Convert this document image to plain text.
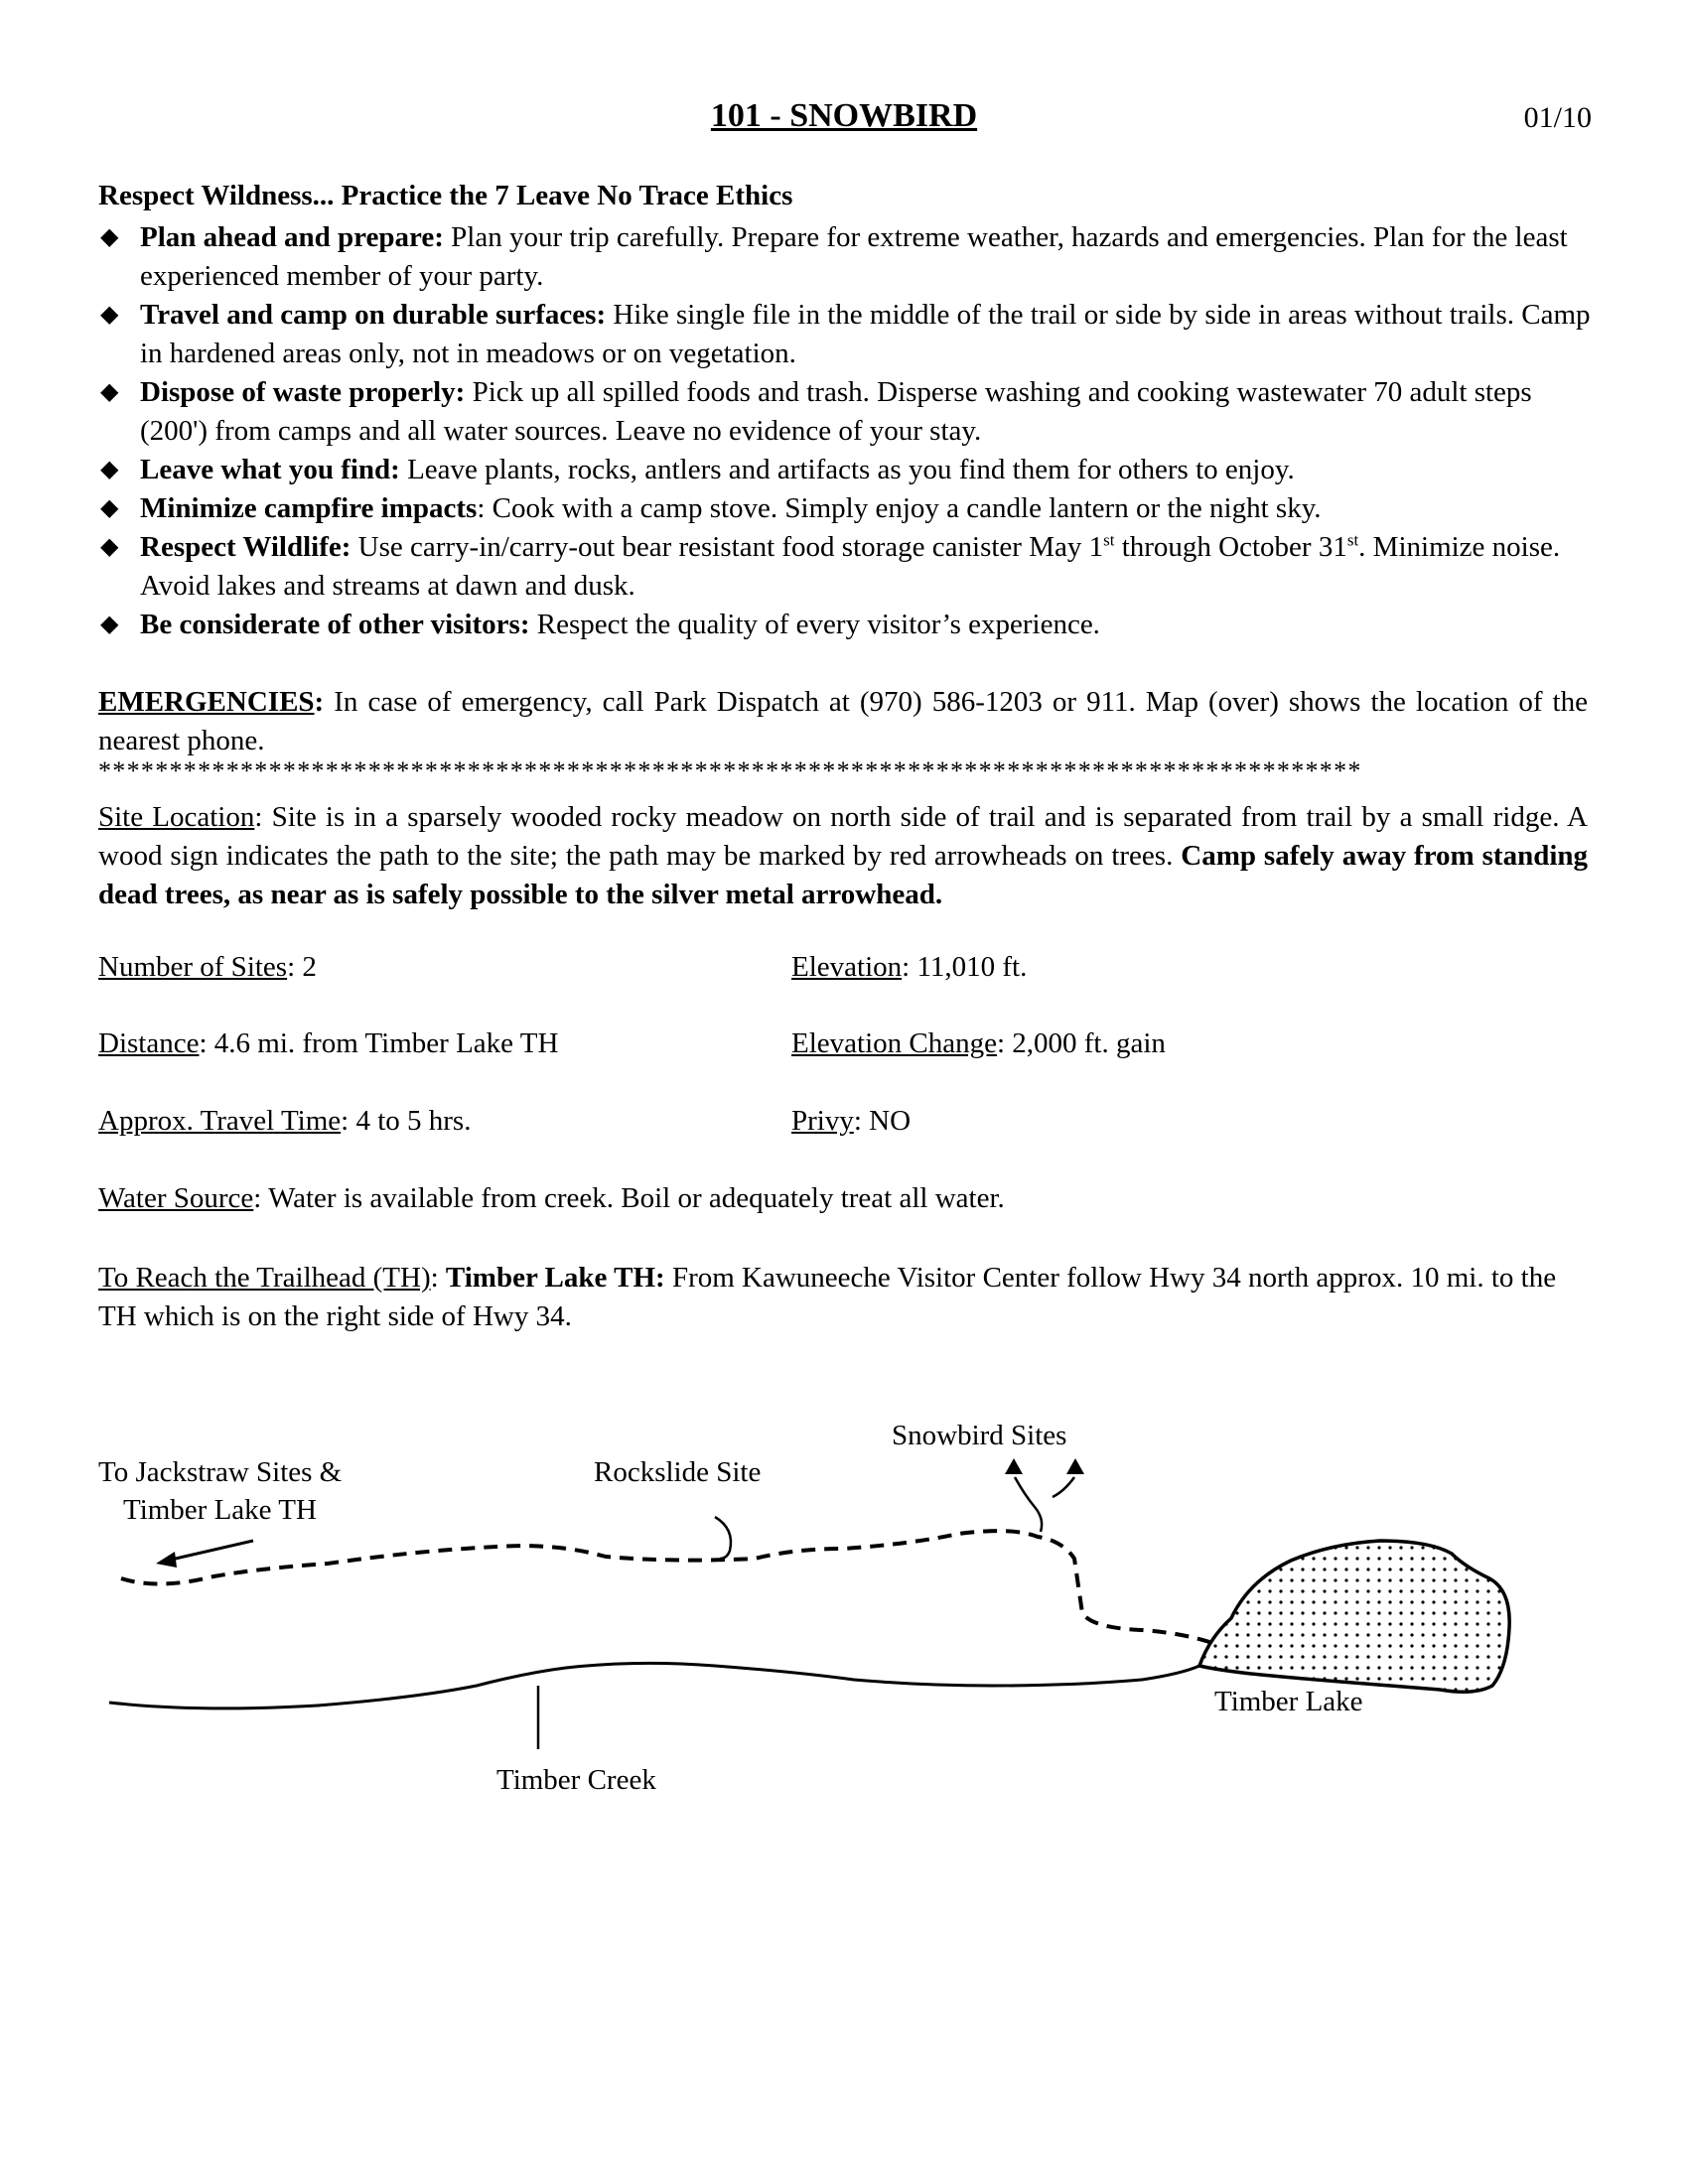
101 - SNOWBIRD	01/10
Respect Wildness... Practice the 7 Leave No Trace Ethics
◆ Plan ahead and prepare: Plan your trip carefully. Prepare for extreme weather, hazards and emergencies. Plan for the least experienced member of your party.
◆ Travel and camp on durable surfaces: Hike single file in the middle of the trail or side by side in areas without trails. Camp in hardened areas only, not in meadows or on vegetation.
◆ Dispose of waste properly: Pick up all spilled foods and trash. Disperse washing and cooking wastewater 70 adult steps (200') from camps and all water sources. Leave no evidence of your stay.
◆ Leave what you find: Leave plants, rocks, antlers and artifacts as you find them for others to enjoy.
◆ Minimize campfire impacts: Cook with a camp stove. Simply enjoy a candle lantern or the night sky.
◆ Respect Wildlife: Use carry-in/carry-out bear resistant food storage canister May 1st through October 31st. Minimize noise. Avoid lakes and streams at dawn and dusk.
◆ Be considerate of other visitors: Respect the quality of every visitor’s experience.
EMERGENCIES: In case of emergency, call Park Dispatch at (970) 586-1203 or 911. Map (over) shows the location of the nearest phone.
*****************************************************************************************
Site Location: Site is in a sparsely wooded rocky meadow on north side of trail and is separated from trail by a small ridge. A wood sign indicates the path to the site; the path may be marked by red arrowheads on trees. Camp safely away from standing dead trees, as near as is safely possible to the silver metal arrowhead.
Number of Sites: 2	Elevation: 11,010 ft.
Distance: 4.6 mi. from Timber Lake TH	Elevation Change: 2,000 ft. gain
Approx. Travel Time: 4 to 5 hrs.	Privy: NO
Water Source: Water is available from creek. Boil or adequately treat all water.
To Reach the Trailhead (TH): Timber Lake TH: From Kawuneeche Visitor Center follow Hwy 34 north approx. 10 mi. to the TH which is on the right side of Hwy 34.
To Jackstraw Sites &
Timber Lake TH
Rockslide Site
Snowbird Sites
Timber Lake
Timber Creek
